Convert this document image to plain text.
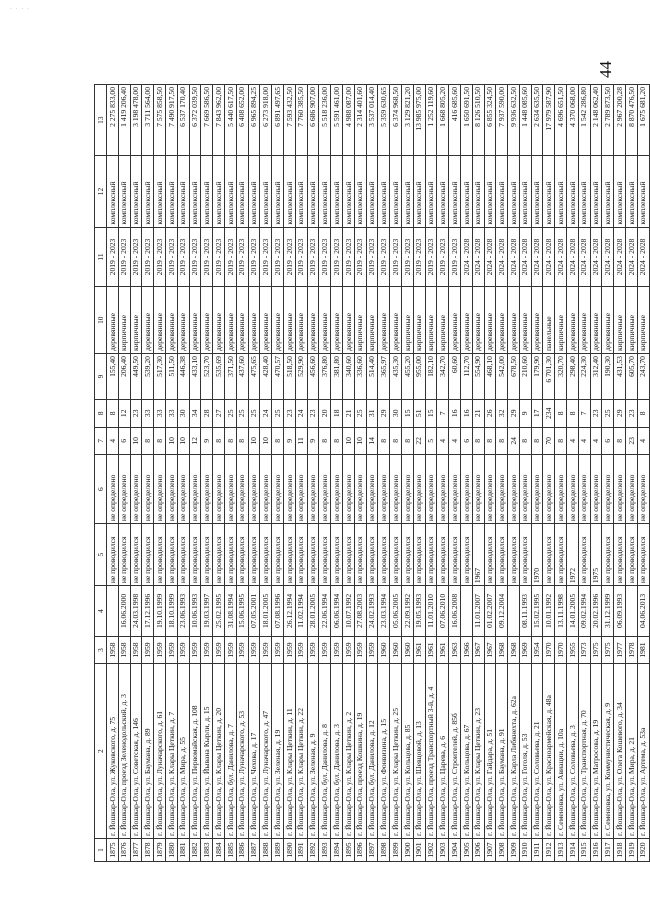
· · · ·
44
1	2	3	4	5	6	7	8	9	10	11	12	13
1875	г. Йошкар-Ола, ул. Жуковского, д. 75	1958		не проводился	не определено	4	8	155,40	деревянные	2019 - 2023	комплексный	2 275 833,00
1876	г. Йошкар-Ола, проезд Зеленодольский, д. 3	1958	16.06.2000	не проводился	не определено	6	12	206,40	кирпичные	2019 - 2023	комплексный	1 419 206,40
1877	г. Йошкар-Ола, ул. Советская, д. 146	1958	24.03.1998	не проводился	не определено	10	23	449,50	кирпичные	2019 - 2023	комплексный	3 198 478,00
1878	г. Йошкар-Ола, ул. Баумана, д. 89	1959	17.12.1996	не проводился	не определено	8	33	539,20	деревянные	2019 - 2023	комплексный	3 711 564,00
1879	г. Йошкар-Ола, ул. Луначарского, д. 61	1959	19.10.1999	не проводился	не определено	8	33	517,30	деревянные	2019 - 2023	комплексный	7 575 858,50
1880	г. Йошкар-Ола, ул. Клары Цеткин, д. 7	1959	18.10.1999	не проводился	не определено	10	33	511,50	деревянные	2019 - 2023	комплексный	7 490 917,50
1881	г. Йошкар-Ола, ул. Мира, д. 55	1959	23.06.1993	не проводился	не определено	10	30	446,38	деревянные	2019 - 2023	комплексный	6 537 170,40
1882	г. Йошкар-Ола, ул. Первомайская, д. 108	1959	10.06.1993	не проводился	не определено	12	34	433,10	деревянные	2019 - 2023	комплексный	6 372 039,50
1883	г. Йошкар-Ола, ул. Йывана Кырли, д. 15	1959	19.03.1997	не проводился	не определено	9	28	523,70	деревянные	2019 - 2023	комплексный	7 669 586,50
1884	г. Йошкар-Ола, ул. Клары Цеткин, д. 20	1959	25.02.1995	не проводился	не определено	8	27	535,69	деревянные	2019 - 2023	комплексный	7 843 962,00
1885	г. Йошкар-Ола, бул. Данилова, д. 7	1959	31.08.1994	не проводился	не определено	8	25	371,50	деревянные	2019 - 2023	комплексный	5 440 617,50
1886	г. Йошкар-Ола, ул. Луначарского, д. 53	1959	15.06.1995	не проводился	не определено	8	25	437,60	деревянные	2019 - 2023	комплексный	6 408 652,00
1887	г. Йошкар-Ола, ул. Чехова, д. 17	1959	07.05.2001	не проводился	не определено	10	25	475,65	деревянные	2019 - 2023	комплексный	6 965 894,25
1888	г. Йошкар-Ола, ул. Луначарского, д. 47	1959	18.01.2005	не проводился	не определено	10	24	428,40	деревянные	2019 - 2023	комплексный	6 273 918,00
1889	г. Йошкар-Ола, ул. Зеленая, д. 19	1959	07.08.1996	не проводился	не определено	8	25	470,57	деревянные	2019 - 2023	комплексный	6 891 497,65
1890	г. Йошкар-Ола, ул. Клары Цеткин, д. 11	1959	26.12.1994	не проводился	не определено	9	23	518,50	деревянные	2019 - 2023	комплексный	7 593 432,50
1891	г. Йошкар-Ола, ул. Клары Цеткин, д. 22	1959	11.02.1994	не проводился	не определено	11	24	529,90	деревянные	2019 - 2023	комплексный	7 760 385,50
1892	г. Йошкар-Ола, ул. Зеленая, д. 9	1959	28.01.2005	не проводился	не определено	9	23	456,60	деревянные	2019 - 2023	комплексный	6 686 907,00
1893	г. Йошкар-Ола, бул. Данилова, д. 8	1959	22.06.1994	не проводился	не определено	8	20	376,80	деревянные	2019 - 2023	комплексный	5 518 236,00
1894	г. Йошкар-Ола, бул. Данилова, д. 3	1959	06.06.1994	не проводился	не определено	8	18	381,80	деревянные	2019 - 2023	комплексный	5 591 461,00
1895	г. Йошкар-Ола, ул. Клары Цеткин, д. 2	1959	10.07.1992	не проводился	не определено	10	21	340,60	деревянные	2019 - 2023	комплексный	4 988 087,00
1896	г. Йошкар-Ола, проезд Кошкина, д. 19	1959	27.08.2003	не проводился	не определено	10	25	336,60	кирпичные	2019 - 2023	комплексный	2 314 401,60
1897	г. Йошкар-Ола, бул. Данилова, д. 12	1959	24.02.1993	не проводился	не определено	14	31	514,40	кирпичные	2019 - 2023	комплексный	3 537 014,40
1898	г. Йошкар-Ола, ул. Фонвизина, д. 15	1960	23.03.1994	не проводился	не определено	8	29	365,97	деревянные	2019 - 2023	комплексный	5 359 630,65
1899	г. Йошкар-Ола, ул. Клары Цеткин, д. 25	1960	05.06.2005	не проводился	не определено	8	30	435,30	деревянные	2019 - 2023	комплексный	6 374 968,50
1900	г. Йошкар-Ола, ул. Кольцова, д. 85	1960	22.09.1992	не проводился	не определено	8	15	455,20	кирпичные	2019 - 2023	комплексный	3 129 821,20
1901	г. Йошкар-Ола, ул. Шевцовой, д. 13	1961	19.05.1993	не проводился	не определено	22	51	955,00	кирпичные	2019 - 2023	комплексный	13 985 975,00
1902	г. Йошкар-Ола, проезд Транспортный 3-й, д. 4	1961	11.01.2010	не проводился	не определено	5	15	182,10	кирпичные	2019 - 2023	комплексный	1 252 119,60
1903	г. Йошкар-Ола, ул. Царева, д. 6	1961	07.06.2010	не проводился	не определено	4	7	342,70	кирпичные	2019 - 2023	комплексный	1 668 805,20
1904	г. Йошкар-Ола, ул. Строителей, д. 85б	1963	16.06.2008	не проводился	не определено	4	16	60,60	деревянные	2019 - 2023	комплексный	416 685,60
1905	г. Йошкар-Ола, ул. Кольцова, д. 67	1966		не проводился	не определено	6	16	112,70	деревянные	2024 - 2028	комплексный	1 650 691,50
1906	г. Йошкар-Ола, ул. Клары Цеткин, д. 23	1967	11.01.2007	1967	не определено	8	21	554,90	деревянные	2024 - 2028	комплексный	8 126 510,50
1907	г. Йошкар-Ола, ул. Гайдара, д. 51	1967	01.02.2007	не проводился	не определено	8	26	468,10	деревянные	2024 - 2028	комплексный	6 855 324,50
1908	г. Йошкар-Ола, ул. Баумана, д. 91	1968	09.12.2004	не проводился	не определено	8	32	542,00	деревянные	2024 - 2028	комплексный	7 937 590,00
1909	г. Йошкар-Ола, ул. Карла Либкнехта, д. 62а	1968		не проводился	не определено	24	29	678,50	деревянные	2024 - 2028	комплексный	9 936 632,50
1910	г. Йошкар-Ола, ул. Гоголя, д. 53	1969	08.11.1993	не проводился	не определено	8	9	210,60	деревянные	2024 - 2028	комплексный	1 448 085,60
1911	г. Йошкар-Ола, ул. Соловьева, д. 21	1954	15.02.1995	1970	не определено	8	17	179,90	деревянные	2024 - 2028	комплексный	2 634 635,50
1912	г. Йошкар-Ола, ул. Красноармейская, д. 48а	1970	10.01.1992	не проводился	не определено	70	234	6 701,30	панельные	2024 - 2028	комплексный	17 979 587,90
1913	г. Семеновка, ул. Авиации, д. 10а	1970	13.11.1998	не проводился	не определено	8	8	320,70	кирпичные	2024 - 2028	комплексный	4 696 651,50
1914	г. Йошкар-Ола, ул. Соловьева, д. 3	1955	14.01.2005	1972	не определено	4	8	298,40	деревянные	2024 - 2028	комплексный	4 370 068,00
1915	г. Йошкар-Ола, ул. Транспортная, д. 70	1973	09.02.1994	не проводился	не определено	4	7	224,30	деревянные	2024 - 2028	комплексный	1 542 286,80
1916	г. Йошкар-Ола, ул. Матросова, д. 19	1975	20.02.1996	1975	не определено	4	23	312,40	деревянные	2024 - 2028	комплексный	2 148 062,40
1917	г. Семеновка, ул. Коммунистическая, д. 9	1975	31.12.1999	не проводился	не определено	6	25	190,30	деревянные	2024 - 2028	комплексный	2 789 873,50
1918	г. Йошкар-Ола, ул. Олега Кошевого, д. 34	1977	06.09.1993	не проводился	не определено	8	29	431,53	кирпичные	2024 - 2028	комплексный	2 967 200,28
1919	г. Йошкар-Ола, ул. Мира, д. 21	1978		не проводился	не определено	23	23	605,70	кирпичные	2024 - 2028	комплексный	8 870 476,50
1920	г. Йошкар-Ола, ул. Артема, д. 53а	1981	04.06.2013	не проводился	не определено	4	8	243,70	кирпичные	2024 - 2028	комплексный	1 675 681,20
